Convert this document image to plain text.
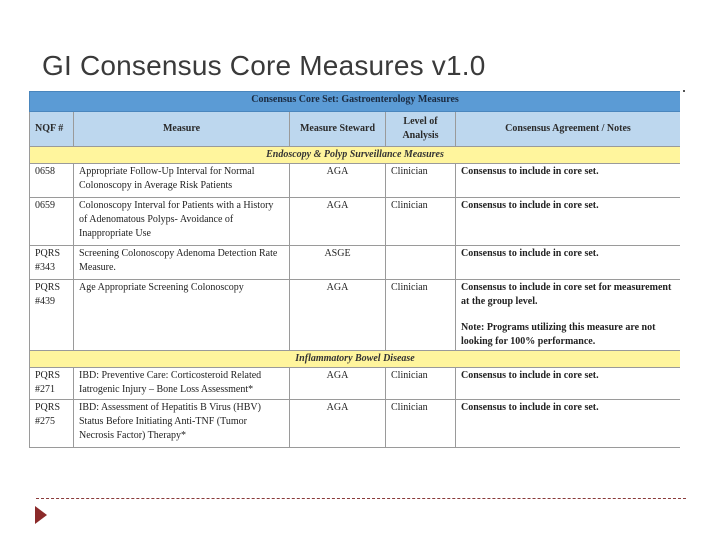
GI Consensus Core Measures v1.0
Consensus Core Set: Gastroenterology Measures				
NQF #	Measure	Measure Steward	Level of Analysis	Consensus Agreement / Notes
Endoscopy & Polyp Surveillance Measures				
0658	Appropriate Follow-Up Interval for Normal Colonoscopy in Average Risk Patients	AGA	Clinician	Consensus to include in core set.
0659	Colonoscopy Interval for Patients with a History of Adenomatous Polyps- Avoidance of Inappropriate Use	AGA	Clinician	Consensus to include in core set.
PQRS #343	Screening Colonoscopy Adenoma Detection Rate Measure.	ASGE		Consensus to include in core set.
PQRS #439	Age Appropriate Screening Colonoscopy	AGA	Clinician	Consensus to include in core set for measurement at the group level.
Note: Programs utilizing this measure are not looking for 100% performance.

Inflammatory Bowel Disease				
PQRS #271	IBD: Preventive Care: Corticosteroid Related Iatrogenic Injury – Bone Loss Assessment*	AGA	Clinician	Consensus to include in core set.
PQRS #275	IBD: Assessment of Hepatitis B Virus (HBV) Status Before Initiating Anti-TNF (Tumor Necrosis Factor) Therapy*	AGA	Clinician	Consensus to include in core set.
